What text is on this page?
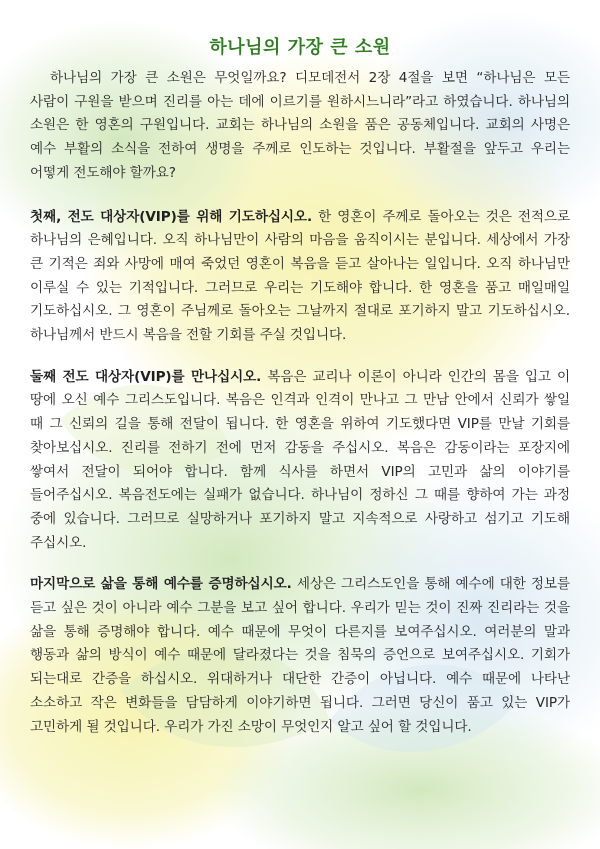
하나님의 가장 큰 소원

하나님의 가장 큰 소원은 무엇일까요? 디모데전서 2장 4절을 보면 “하나님은 모든 사람이 구원을 받으며 진리를 아는 데에 이르기를 원하시느니라”라고 하였습니다. 하나님의 소원은 한 영혼의 구원입니다. 교회는 하나님의 소원을 품은 공동체입니다. 교회의 사명은 예수 부활의 소식을 전하여 생명을 주께로 인도하는 것입니다. 부활절을 앞두고 우리는 어떻게 전도해야 할까요?

첫째, 전도 대상자(VIP)를 위해 기도하십시오. 한 영혼이 주께로 돌아오는 것은 전적으로 하나님의 은혜입니다. 오직 하나님만이 사람의 마음을 움직이시는 분입니다. 세상에서 가장 큰 기적은 죄와 사망에 매여 죽었던 영혼이 복음을 듣고 살아나는 일입니다. 오직 하나님만 이루실 수 있는 기적입니다. 그러므로 우리는 기도해야 합니다. 한 영혼을 품고 매일매일 기도하십시오. 그 영혼이 주님께로 돌아오는 그날까지 절대로 포기하지 말고 기도하십시오. 하나님께서 반드시 복음을 전할 기회를 주실 것입니다.

둘째 전도 대상자(VIP)를 만나십시오. 복음은 교리나 이론이 아니라 인간의 몸을 입고 이 땅에 오신 예수 그리스도입니다. 복음은 인격과 인격이 만나고 그 만남 안에서 신뢰가 쌓일 때 그 신뢰의 길을 통해 전달이 됩니다. 한 영혼을 위하여 기도했다면 VIP를 만날 기회를 찾아보십시오. 진리를 전하기 전에 먼저 감동을 주십시오. 복음은 감동이라는 포장지에 쌓여서 전달이 되어야 합니다. 함께 식사를 하면서 VIP의 고민과 삶의 이야기를 들어주십시오. 복음전도에는 실패가 없습니다. 하나님이 정하신 그 때를 향하여 가는 과정 중에 있습니다. 그러므로 실망하거나 포기하지 말고 지속적으로 사랑하고 섬기고 기도해 주십시오.

마지막으로 삶을 통해 예수를 증명하십시오. 세상은 그리스도인을 통해 예수에 대한 정보를 듣고 싶은 것이 아니라 예수 그분을 보고 싶어 합니다. 우리가 믿는 것이 진짜 진리라는 것을 삶을 통해 증명해야 합니다. 예수 때문에 무엇이 다른지를 보여주십시오. 여러분의 말과 행동과 삶의 방식이 예수 때문에 달라졌다는 것을 침묵의 증언으로 보여주십시오. 기회가 되는대로 간증을 하십시오. 위대하거나 대단한 간증이 아닙니다. 예수 때문에 나타난 소소하고 작은 변화들을 담담하게 이야기하면 됩니다. 그러면 당신이 품고 있는 VIP가 고민하게 될 것입니다. 우리가 가진 소망이 무엇인지 알고 싶어 할 것입니다.
